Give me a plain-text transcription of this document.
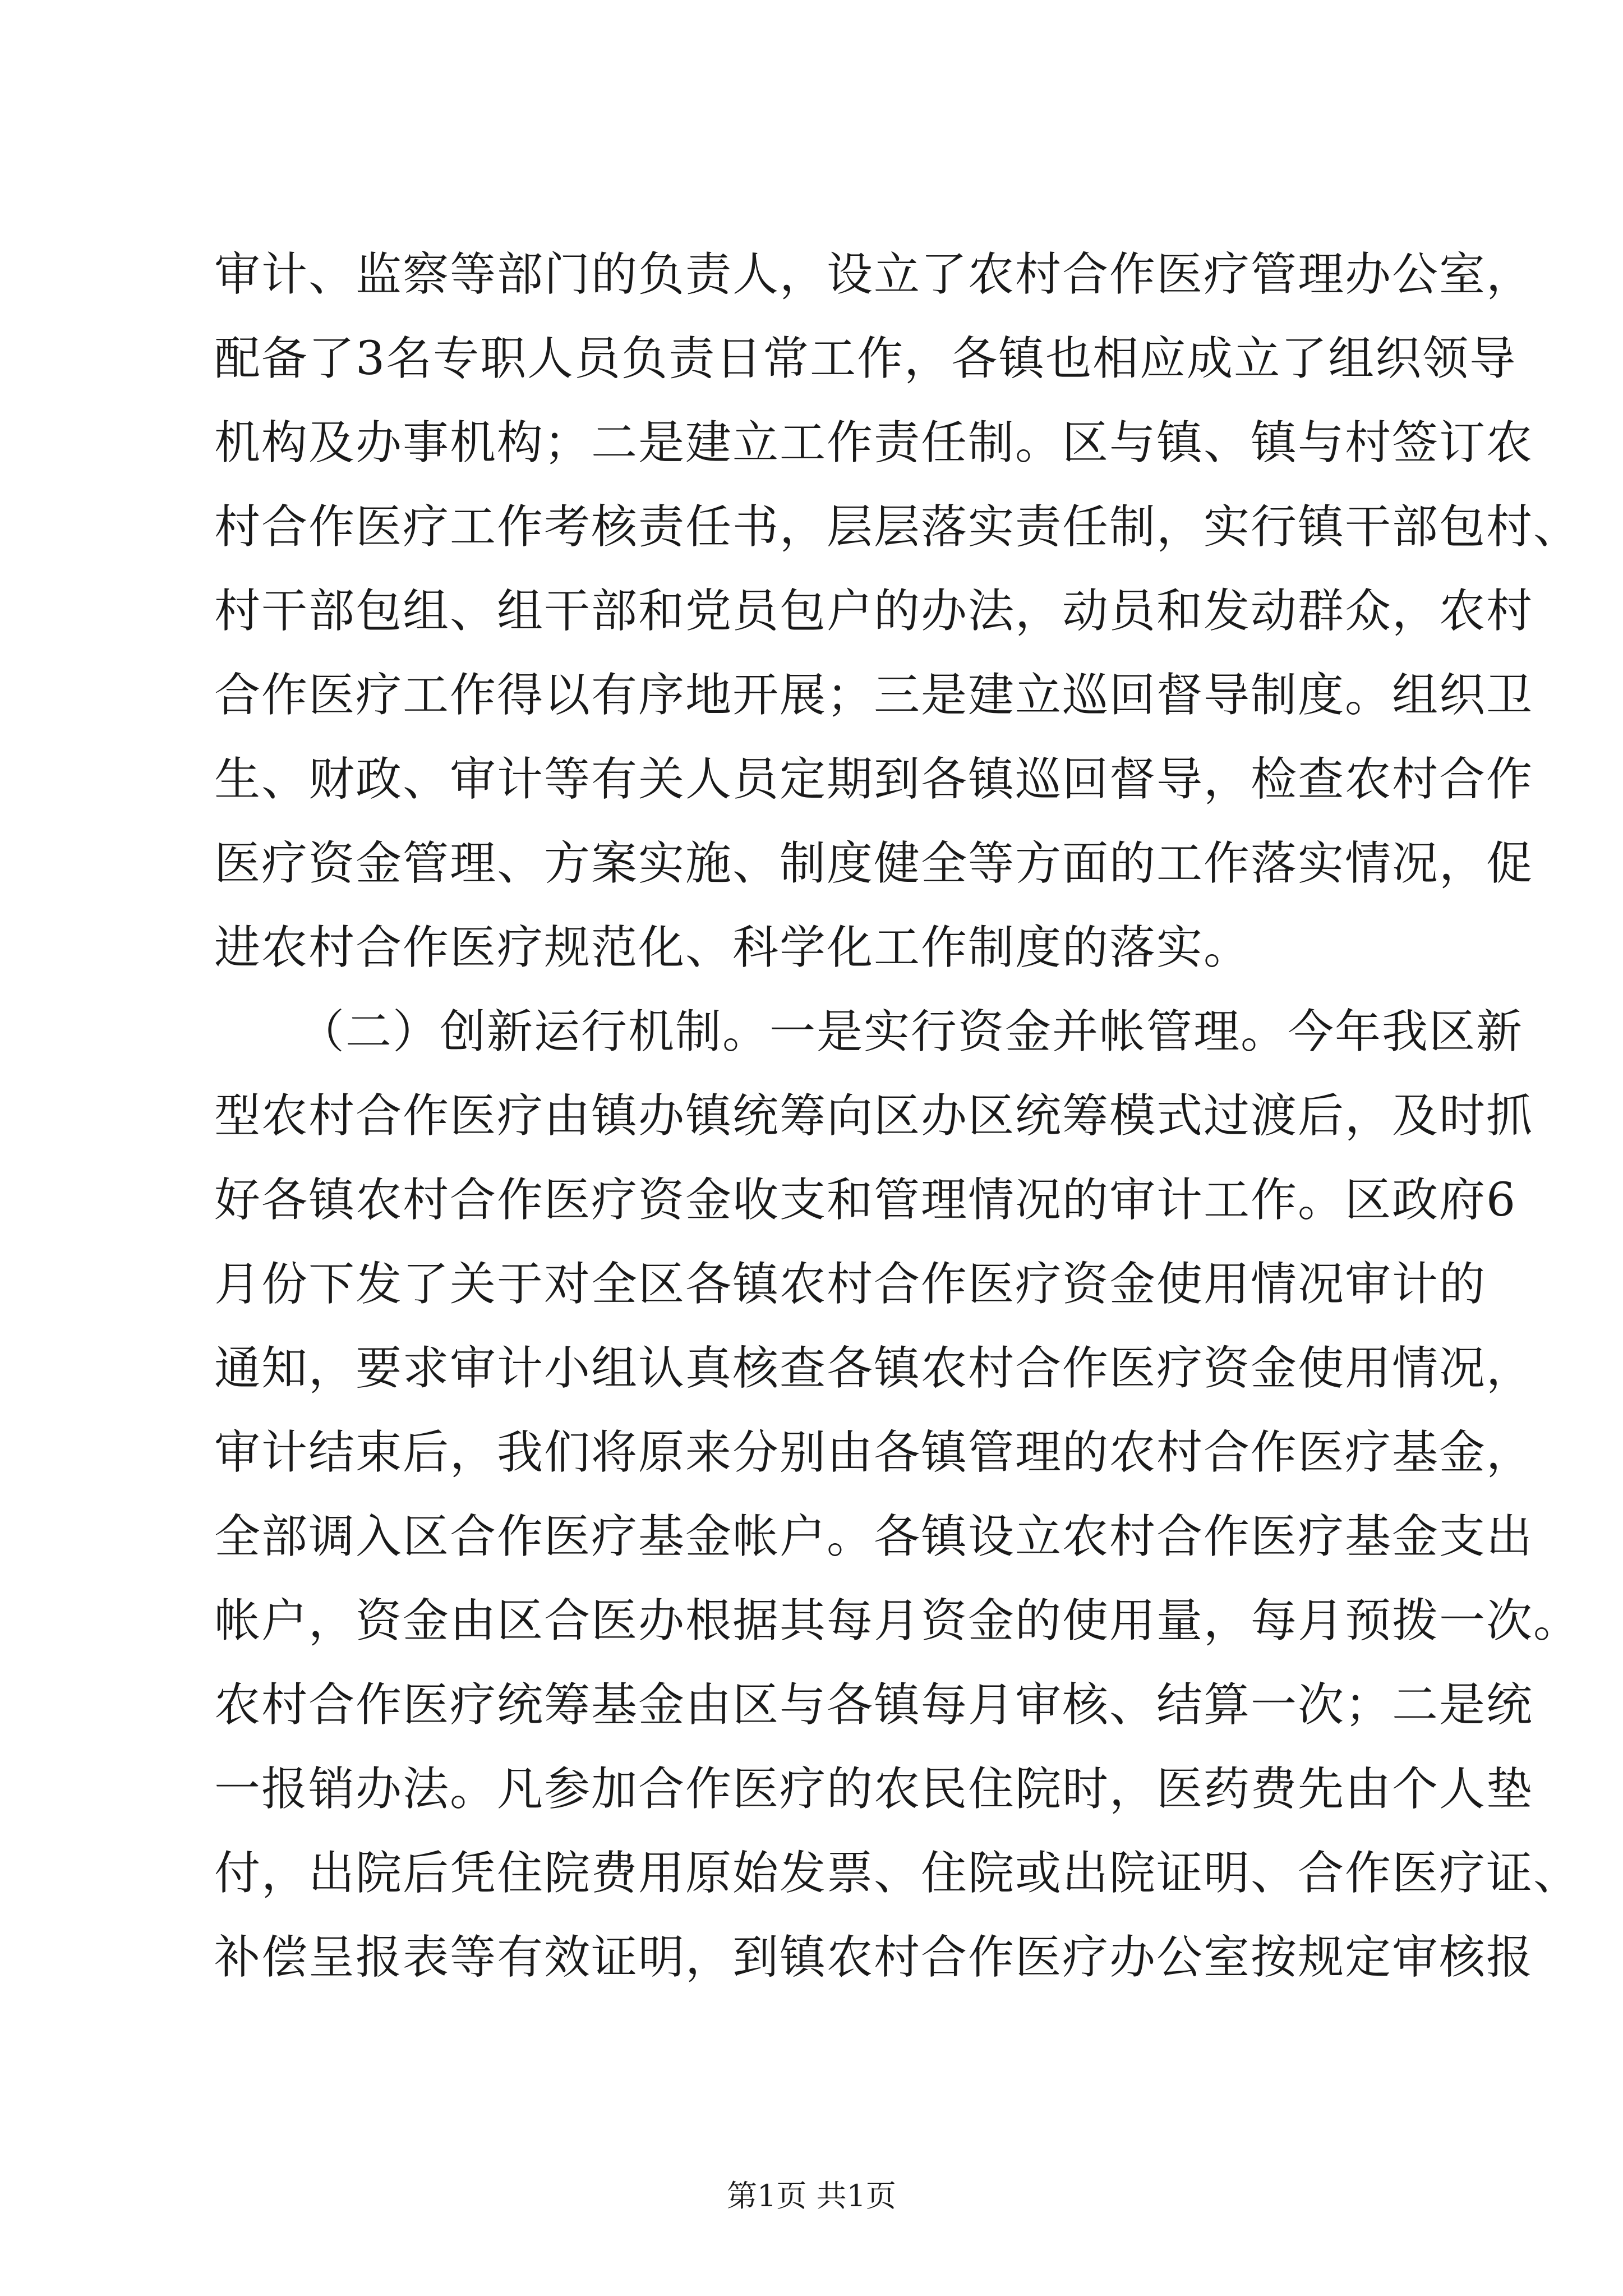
审计、监察等部门的负责人，设立了农村合作医疗管理办公室，
配备了3名专职人员负责日常工作，各镇也相应成立了组织领导
机构及办事机构；二是建立工作责任制。区与镇、镇与村签订农
村合作医疗工作考核责任书，层层落实责任制，实行镇干部包村、
村干部包组、组干部和党员包户的办法，动员和发动群众，农村
合作医疗工作得以有序地开展；三是建立巡回督导制度。组织卫
生、财政、审计等有关人员定期到各镇巡回督导，检查农村合作
医疗资金管理、方案实施、制度健全等方面的工作落实情况，促
进农村合作医疗规范化、科学化工作制度的落实。
（二）创新运行机制。一是实行资金并帐管理。今年我区新
型农村合作医疗由镇办镇统筹向区办区统筹模式过渡后，及时抓
好各镇农村合作医疗资金收支和管理情况的审计工作。区政府6
月份下发了关于对全区各镇农村合作医疗资金使用情况审计的
通知，要求审计小组认真核查各镇农村合作医疗资金使用情况，
审计结束后，我们将原来分别由各镇管理的农村合作医疗基金，
全部调入区合作医疗基金帐户。各镇设立农村合作医疗基金支出
帐户，资金由区合医办根据其每月资金的使用量，每月预拨一次。
农村合作医疗统筹基金由区与各镇每月审核、结算一次；二是统
一报销办法。凡参加合作医疗的农民住院时，医药费先由个人垫
付，出院后凭住院费用原始发票、住院或出院证明、合作医疗证、
补偿呈报表等有效证明，到镇农村合作医疗办公室按规定审核报
第1页 共1页
